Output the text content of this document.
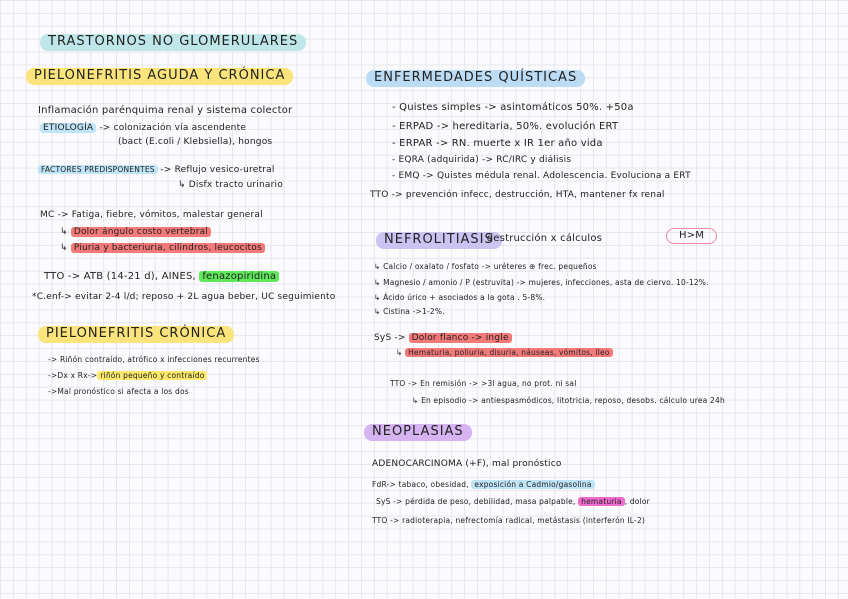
TRASTORNOS NO GLOMERULARES
PIELONEFRITIS AGUDA Y CRÓNICA
Inflamación parénquima renal y sistema colector
ETIOLOGÍA -> colonización vía ascendente
(bact (E.coli / Klebsiella), hongos
FACTORES PREDISPONENTES -> Reflujo vesico-uretral
↳ Disfx tracto urinario
MC -> Fatiga, fiebre, vómitos, malestar general
↳ Dolor ángulo costo vertebral
↳ Piuria y bacteriuria, cilindros, leucocitos
TTO -> ATB (14-21 d), AINES, fenazopiridina
*C.enf-> evitar 2-4 l/d; reposo + 2L agua beber, UC seguimiento
PIELONEFRITIS CRÓNICA
-> Riñón contraído, atrófico x infecciones recurrentes
->Dx x Rx-> riñón pequeño y contraído
->Mal pronóstico si afecta a los dos
ENFERMEDADES QUÍSTICAS
- Quistes simples -> asintomáticos 50%. +50a
- ERPAD -> hereditaria, 50%. evolución ERT
- ERPAR -> RN. muerte x IR 1er año vida
- EQRA (adquirida) -> RC/IRC y diálisis
- EMQ -> Quistes médula renal. Adolescencia. Evoluciona a ERT
TTO -> prevención infecc, destrucción, HTA, mantener fx renal
NEFROLITIASIS
, destrucción x cálculos	H>M
↳ Calcio / oxalato / fosfato -> uréteres ⊕ frec. pequeños
↳ Magnesio / amonio / P (estruvita) -> mujeres, infecciones, asta de ciervo. 10-12%.
↳ Ácido úrico + asociados a la gota . 5-8%.
↳ Cistina ->1-2%.
SyS -> Dolor flanco -> ingle
↳ Hematuria, poliuria, disuria, náuseas, vómitos, íleo
TTO -> En remisión -> >3l agua, no prot. ni sal
↳ En episodio -> antiespasmódicos, litotricia, reposo, desobs. cálculo urea 24h
NEOPLASIAS
ADENOCARCINOMA (+F), mal pronóstico
FdR-> tabaco, obesidad, exposición a Cadmio/gasolina
SyS -> pérdida de peso, debilidad, masa palpable, hematuria , dolor
TTO -> radioterapia, nefrectomía radical, metástasis (interferón IL-2)
